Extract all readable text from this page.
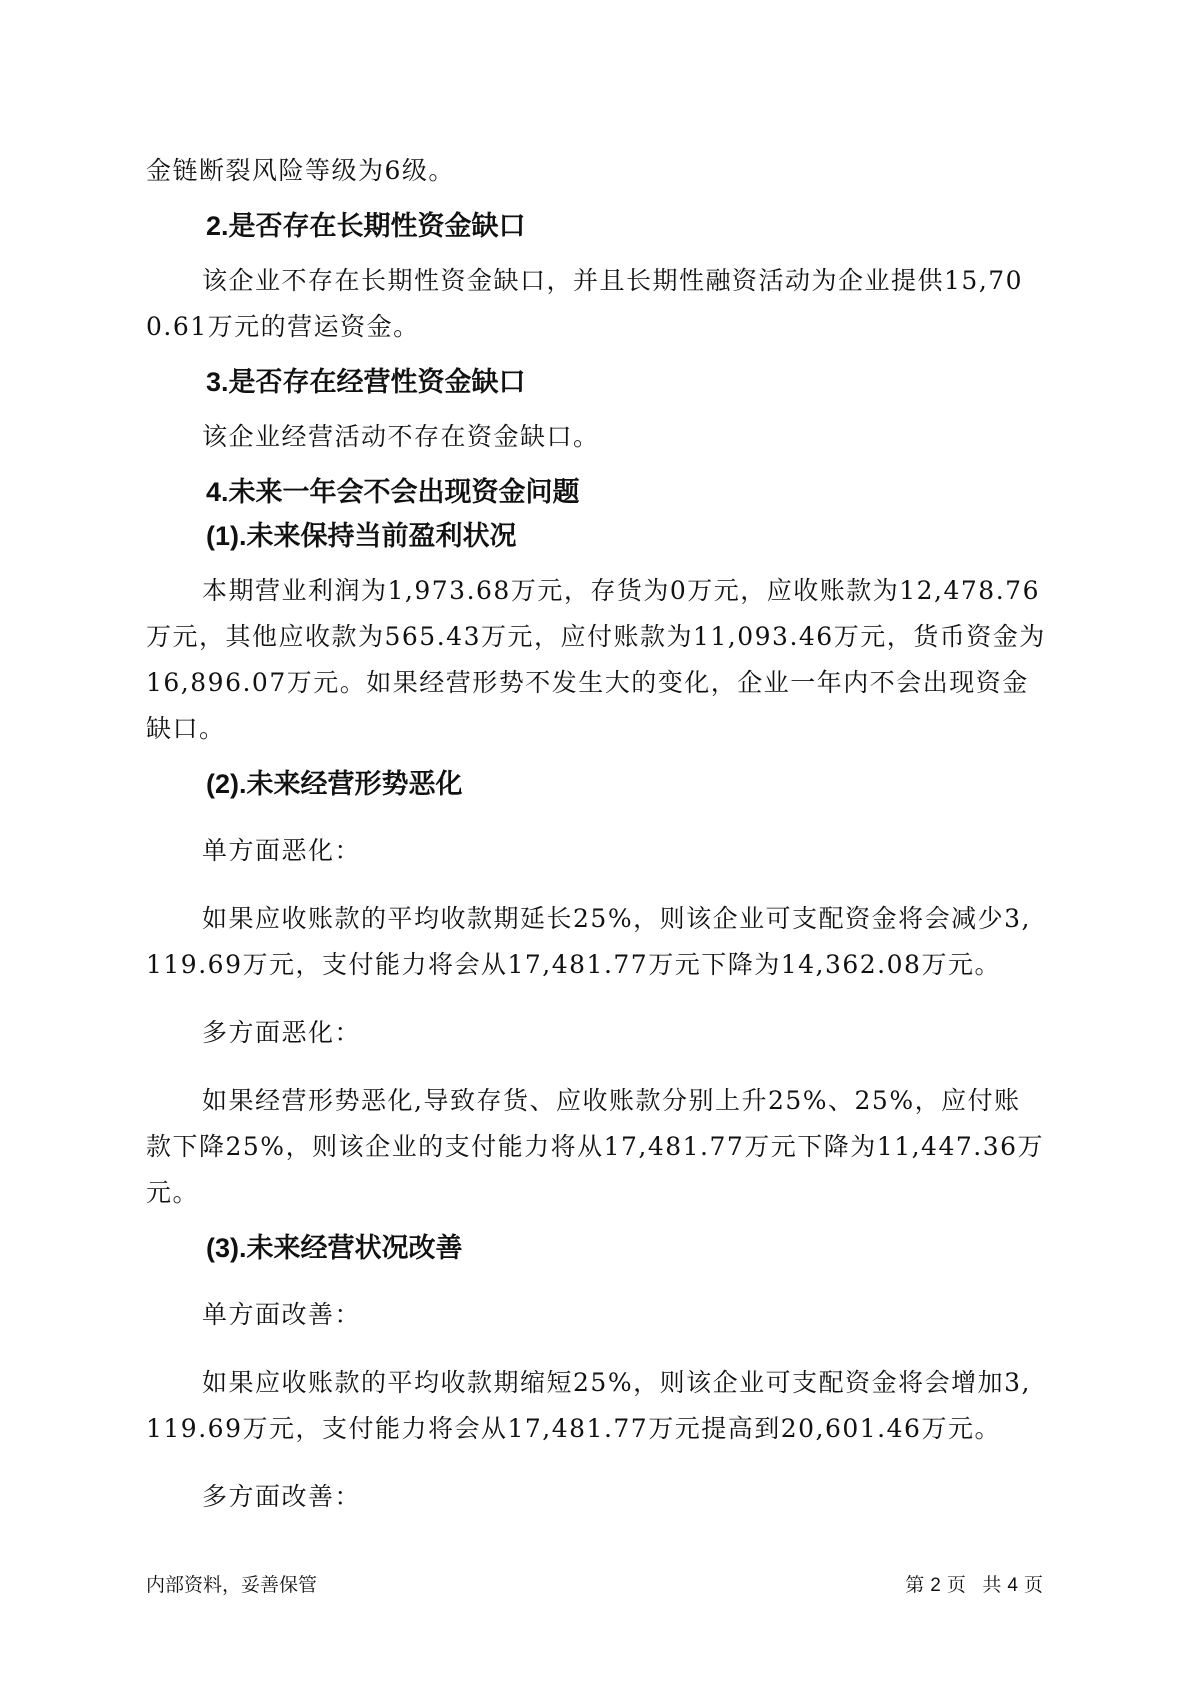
金链断裂风险等级为6级。

2.是否存在长期性资金缺口

该企业不存在长期性资金缺口，并且长期性融资活动为企业提供15,700.61万元的营运资金。

3.是否存在经营性资金缺口

该企业经营活动不存在资金缺口。

4.未来一年会不会出现资金问题
(1).未来保持当前盈利状况

本期营业利润为1,973.68万元，存货为0万元，应收账款为12,478.76万元，其他应收款为565.43万元，应付账款为11,093.46万元，货币资金为16,896.07万元。如果经营形势不发生大的变化，企业一年内不会出现资金缺口。

(2).未来经营形势恶化

单方面恶化：

如果应收账款的平均收款期延长25%，则该企业可支配资金将会减少3,119.69万元，支付能力将会从17,481.77万元下降为14,362.08万元。

多方面恶化：

如果经营形势恶化,导致存货、应收账款分别上升25%、25%，应付账款下降25%，则该企业的支付能力将从17,481.77万元下降为11,447.36万元。

(3).未来经营状况改善

单方面改善：

如果应收账款的平均收款期缩短25%，则该企业可支配资金将会增加3,119.69万元，支付能力将会从17,481.77万元提高到20,601.46万元。

多方面改善：

内部资料，妥善保管	第 2 页 共 4 页
